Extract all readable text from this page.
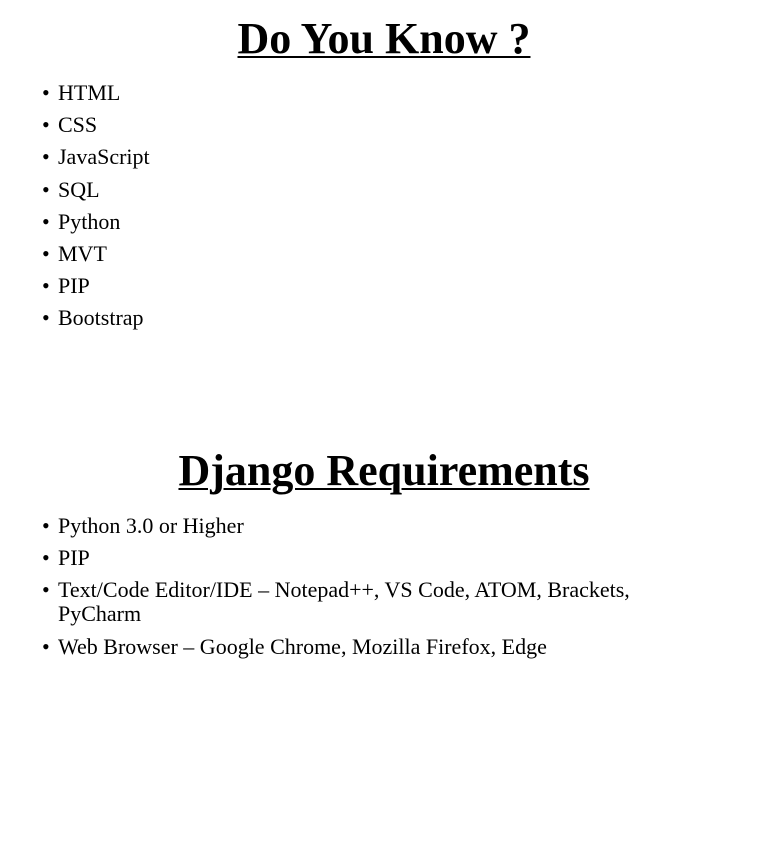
Do You Know ?
• HTML
• CSS
• JavaScript
• SQL
• Python
• MVT
• PIP
• Bootstrap
Django Requirements
• Python 3.0 or Higher
• PIP
• Text/Code Editor/IDE – Notepad++, VS Code, ATOM, Brackets, PyCharm
• Web Browser – Google Chrome, Mozilla Firefox, Edge
